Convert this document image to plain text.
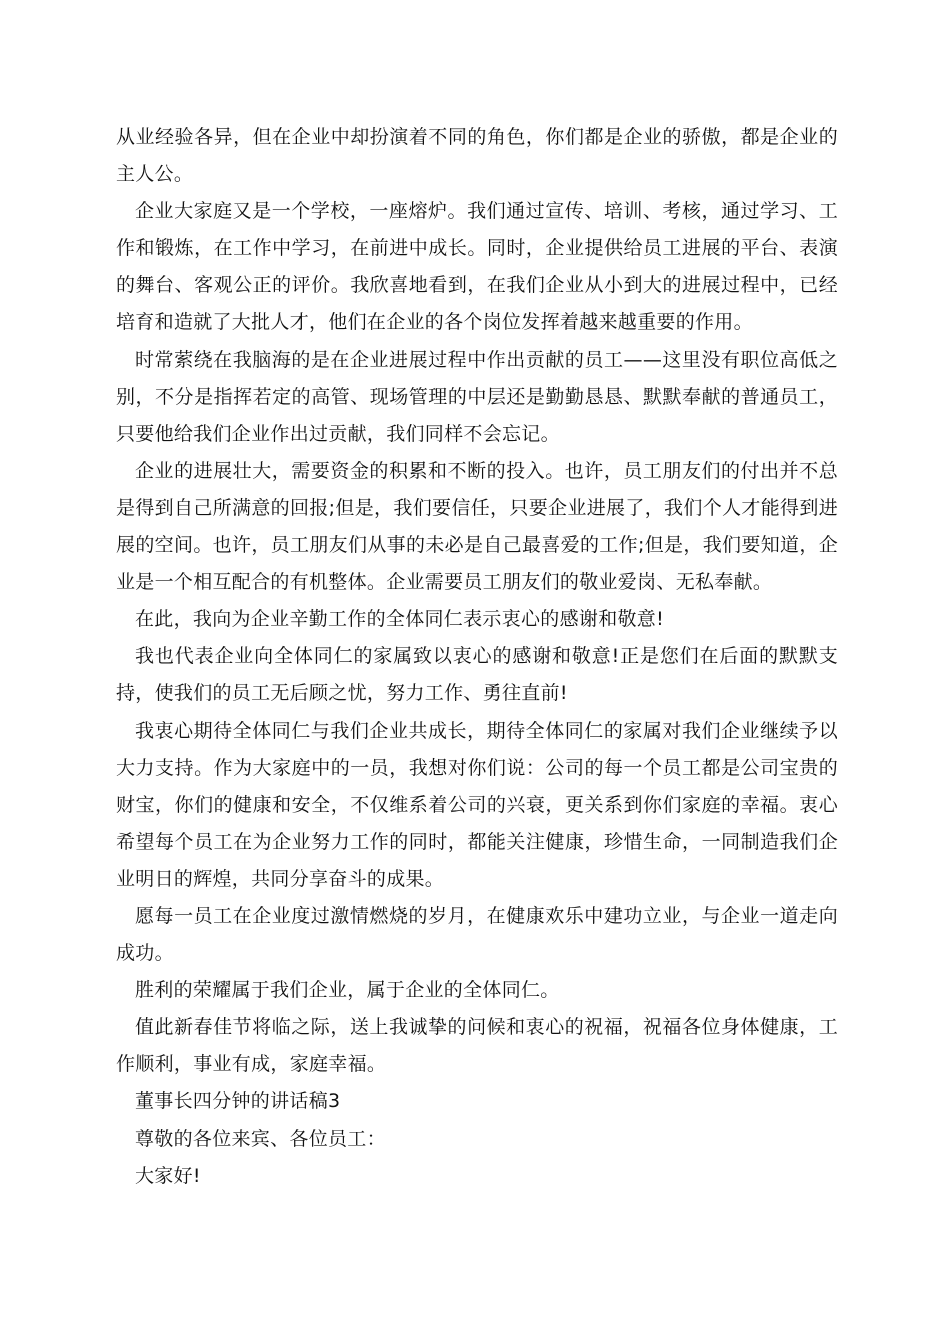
从业经验各异，但在企业中却扮演着不同的角色，你们都是企业的骄傲，都是企业的主人公。

企业大家庭又是一个学校，一座熔炉。我们通过宣传、培训、考核，通过学习、工作和锻炼，在工作中学习，在前进中成长。同时，企业提供给员工进展的平台、表演的舞台、客观公正的评价。我欣喜地看到，在我们企业从小到大的进展过程中，已经培育和造就了大批人才，他们在企业的各个岗位发挥着越来越重要的作用。

时常萦绕在我脑海的是在企业进展过程中作出贡献的员工——这里没有职位高低之别，不分是指挥若定的高管、现场管理的中层还是勤勤恳恳、默默奉献的普通员工，只要他给我们企业作出过贡献，我们同样不会忘记。

企业的进展壮大，需要资金的积累和不断的投入。也许，员工朋友们的付出并不总是得到自己所满意的回报;但是，我们要信任，只要企业进展了，我们个人才能得到进展的空间。也许，员工朋友们从事的未必是自己最喜爱的工作;但是，我们要知道，企业是一个相互配合的有机整体。企业需要员工朋友们的敬业爱岗、无私奉献。

在此，我向为企业辛勤工作的全体同仁表示衷心的感谢和敬意!

我也代表企业向全体同仁的家属致以衷心的感谢和敬意!正是您们在后面的默默支持，使我们的员工无后顾之忧，努力工作、勇往直前!

我衷心期待全体同仁与我们企业共成长，期待全体同仁的家属对我们企业继续予以大力支持。作为大家庭中的一员，我想对你们说：公司的每一个员工都是公司宝贵的财宝，你们的健康和安全，不仅维系着公司的兴衰，更关系到你们家庭的幸福。衷心希望每个员工在为企业努力工作的同时，都能关注健康，珍惜生命，一同制造我们企业明日的辉煌，共同分享奋斗的成果。

愿每一员工在企业度过激情燃烧的岁月，在健康欢乐中建功立业，与企业一道走向成功。

胜利的荣耀属于我们企业，属于企业的全体同仁。

值此新春佳节将临之际，送上我诚挚的问候和衷心的祝福，祝福各位身体健康，工作顺利，事业有成，家庭幸福。

董事长四分钟的讲话稿3

尊敬的各位来宾、各位员工：

大家好!
